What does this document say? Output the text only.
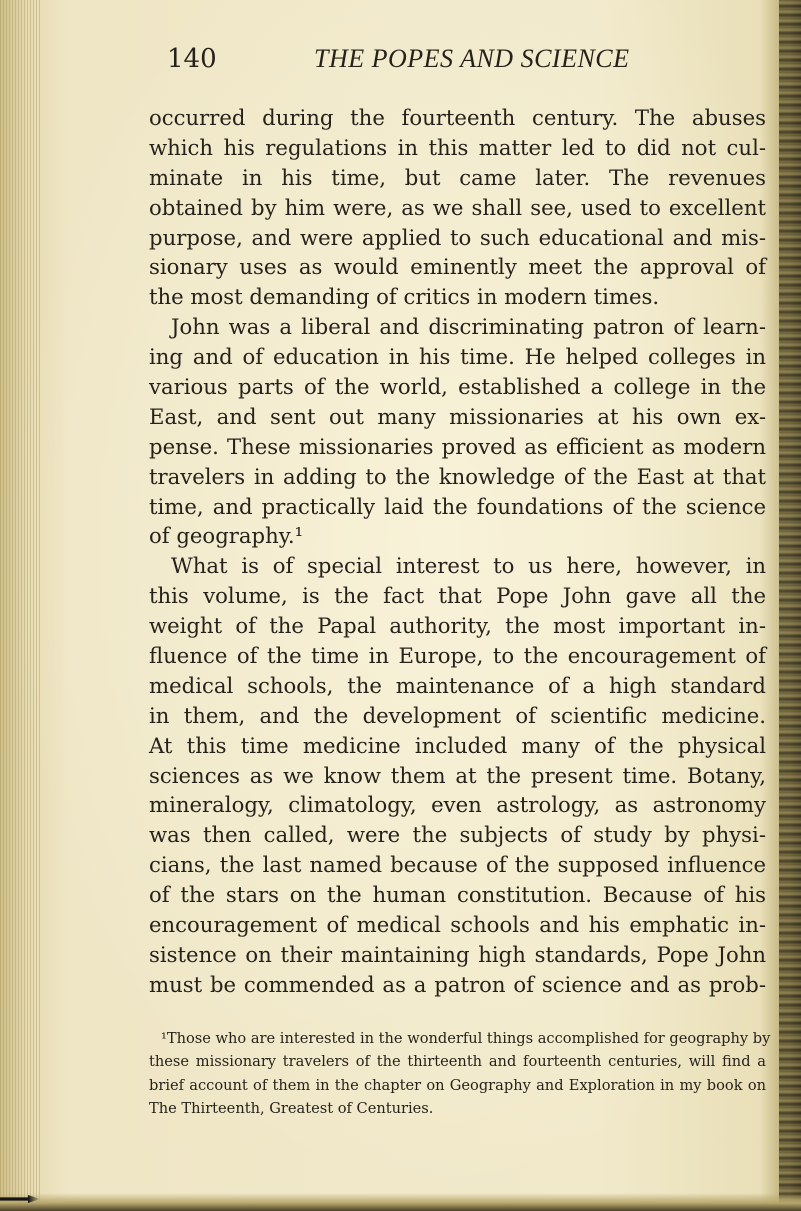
140	THE POPES AND SCIENCE
occurred during the fourteenth century. The abuses
which his regulations in this matter led to did not cul-
minate in his time, but came later. The revenues
obtained by him were, as we shall see, used to excellent
purpose, and were applied to such educational and mis-
sionary uses as would eminently meet the approval of
the most demanding of critics in modern times.
John was a liberal and discriminating patron of learn-
ing and of education in his time. He helped colleges in
various parts of the world, established a college in the
East, and sent out many missionaries at his own ex-
pense. These missionaries proved as efficient as modern
travelers in adding to the knowledge of the East at that
time, and practically laid the foundations of the science
of geography.¹
What is of special interest to us here, however, in
this volume, is the fact that Pope John gave all the
weight of the Papal authority, the most important in-
fluence of the time in Europe, to the encouragement of
medical schools, the maintenance of a high standard
in them, and the development of scientific medicine.
At this time medicine included many of the physical
sciences as we know them at the present time. Botany,
mineralogy, climatology, even astrology, as astronomy
was then called, were the subjects of study by physi-
cians, the last named because of the supposed influence
of the stars on the human constitution. Because of his
encouragement of medical schools and his emphatic in-
sistence on their maintaining high standards, Pope John
must be commended as a patron of science and as prob-
¹Those who are interested in the wonderful things accomplished for geography by
these missionary travelers of the thirteenth and fourteenth centuries, will find a
brief account of them in the chapter on Geography and Exploration in my book on
The Thirteenth, Greatest of Centuries.
